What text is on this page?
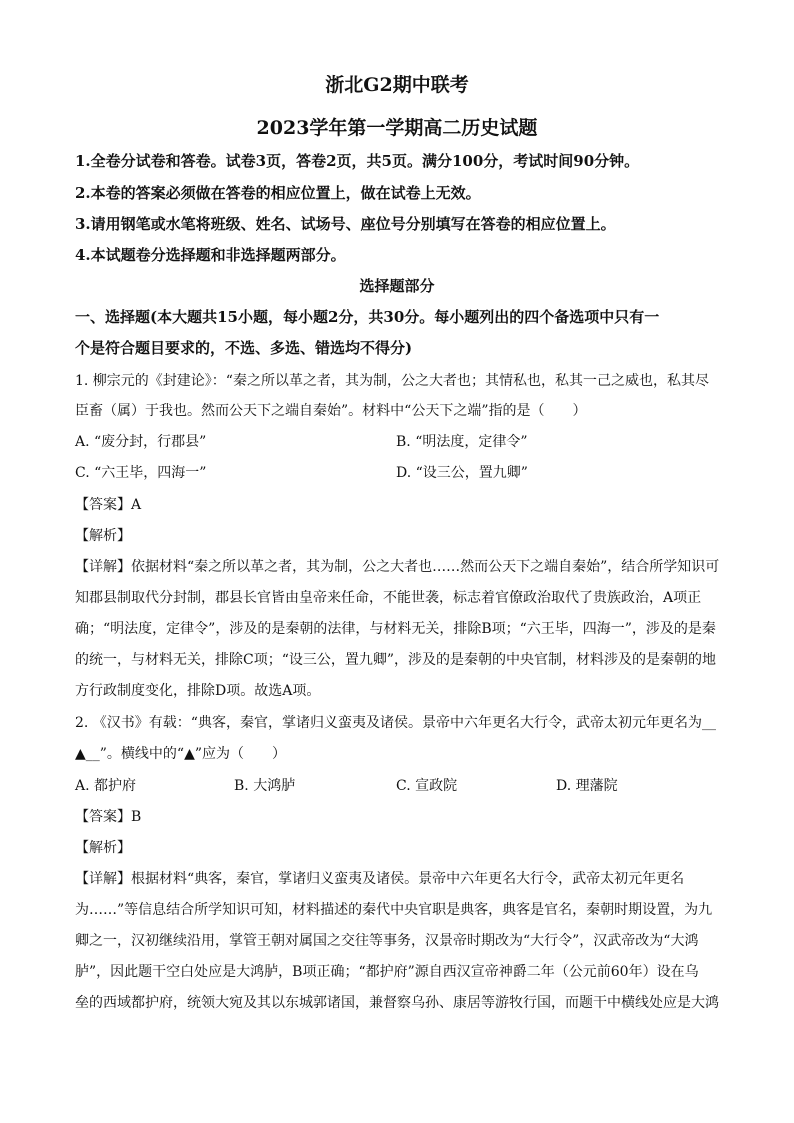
浙北G2期中联考
2023学年第一学期高二历史试题
1.全卷分试卷和答卷。试卷3页，答卷2页，共5页。满分100分，考试时间90分钟。
2.本卷的答案必须做在答卷的相应位置上，做在试卷上无效。
3.请用钢笔或水笔将班级、姓名、试场号、座位号分别填写在答卷的相应位置上。
4.本试题卷分选择题和非选择题两部分。
选择题部分
一、选择题(本大题共15小题，每小题2分，共30分。每小题列出的四个备选项中只有一
个是符合题目要求的，不选、多选、错选均不得分)
1. 柳宗元的《封建论》：“秦之所以革之者，其为制，公之大者也；其情私也，私其一己之威也，私其尽
臣畜（属）于我也。然而公天下之端自秦始”。材料中“公天下之端”指的是（　　）
A. “废分封，行郡县”	B. “明法度，定律令”
C. “六王毕，四海一”	D. “设三公，置九卿”
【答案】A
【解析】
【详解】依据材料“秦之所以革之者，其为制，公之大者也……然而公天下之端自秦始”，结合所学知识可
知郡县制取代分封制，郡县长官皆由皇帝来任命，不能世袭，标志着官僚政治取代了贵族政治，A项正
确；“明法度，定律令”，涉及的是秦朝的法律，与材料无关，排除B项；“六王毕，四海一”，涉及的是秦
的统一，与材料无关，排除C项；“设三公，置九卿”，涉及的是秦朝的中央官制，材料涉及的是秦朝的地
方行政制度变化，排除D项。故选A项。
2. 《汉书》有载：“典客，秦官，掌诸归义蛮夷及诸侯。景帝中六年更名大行令，武帝太初元年更名为__
▲__”。横线中的“▲”应为（　　）
A. 都护府	B. 大鸿胪	C. 宣政院	D. 理藩院
【答案】B
【解析】
【详解】根据材料“典客，秦官，掌诸归义蛮夷及诸侯。景帝中六年更名大行令，武帝太初元年更名
为……”等信息结合所学知识可知，材料描述的秦代中央官职是典客，典客是官名，秦朝时期设置，为九
卿之一，汉初继续沿用，掌管王朝对属国之交往等事务，汉景帝时期改为“大行令”，汉武帝改为“大鸿
胪”，因此题干空白处应是大鸿胪，B项正确；“都护府”源自西汉宣帝神爵二年（公元前60年）设在乌
垒的西域都护府，统领大宛及其以东城郭诸国，兼督察乌孙、康居等游牧行国，而题干中横线处应是大鸿
